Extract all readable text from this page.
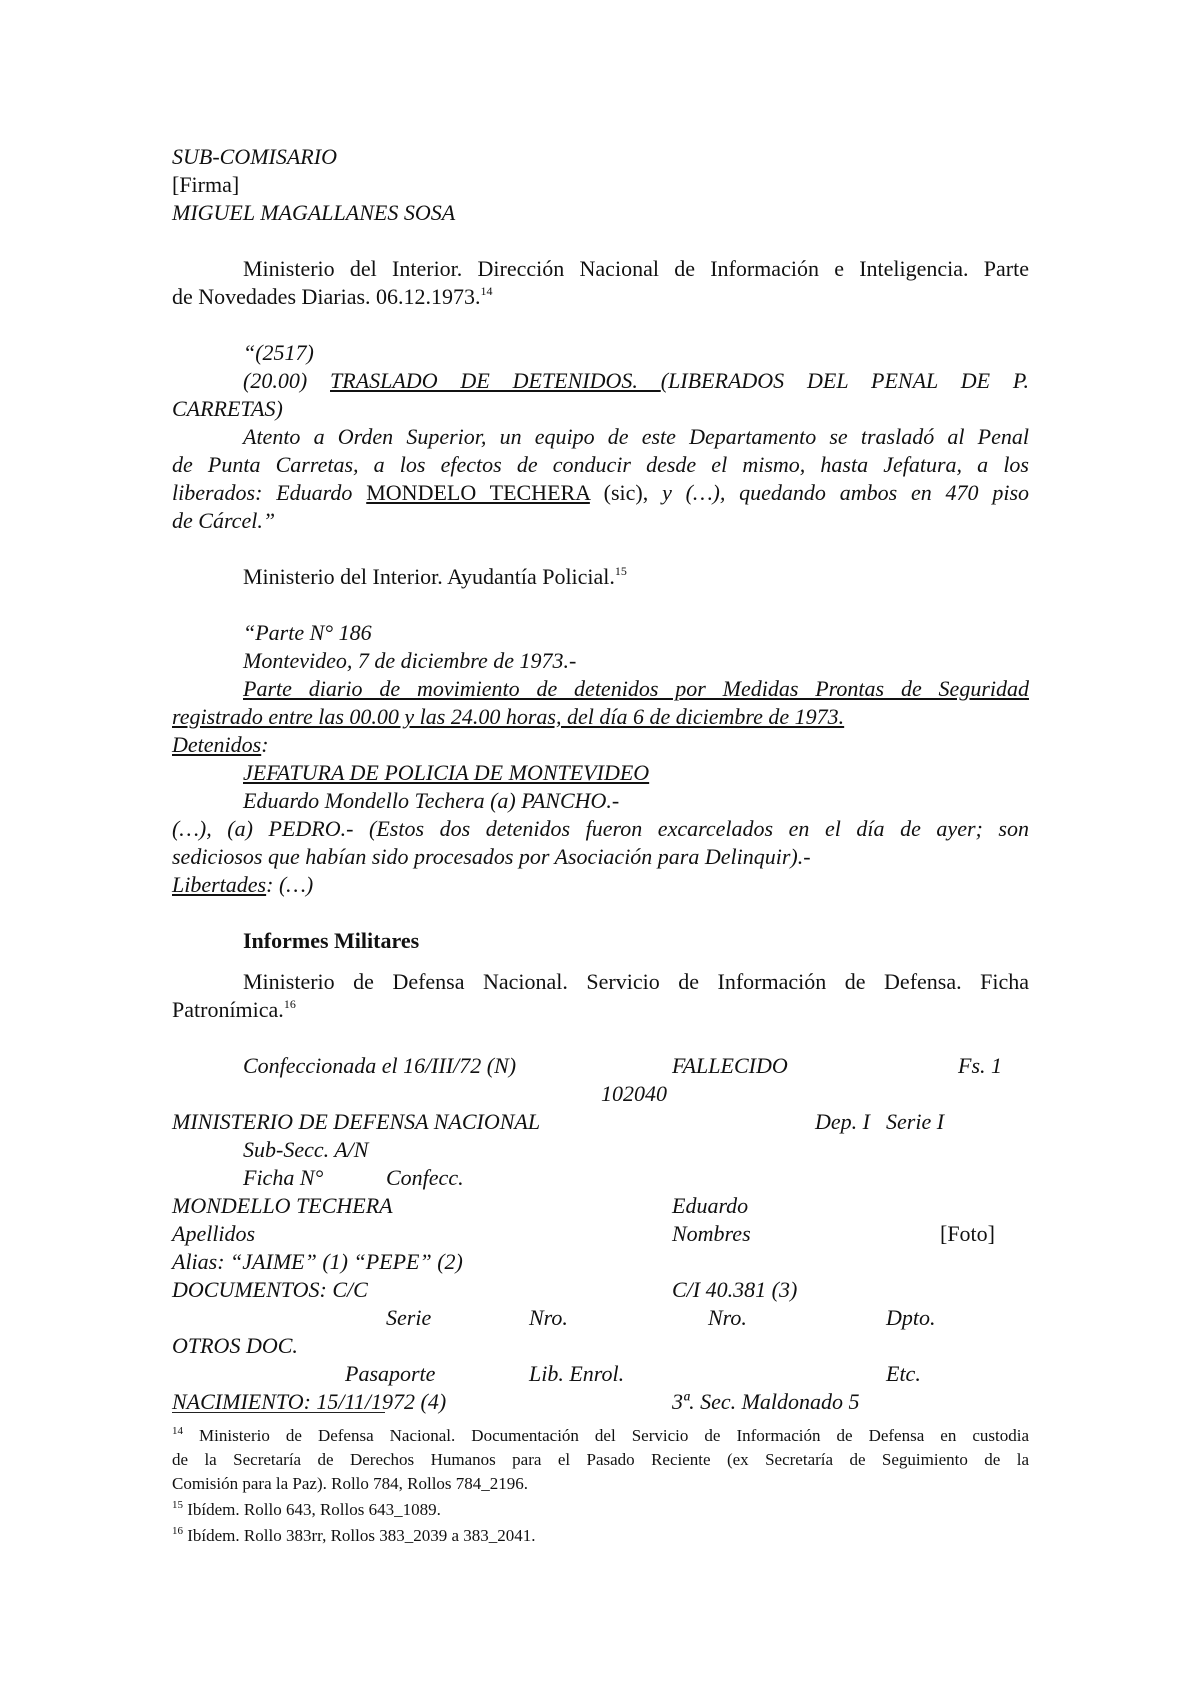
SUB-COMISARIO
[Firma]
MIGUEL MAGALLANES SOSA
Ministerio del Interior. Dirección Nacional de Información e Inteligencia. Parte
de Novedades Diarias. 06.12.1973.14
“(2517)
(20.00) TRASLADO DE DETENIDOS. (LIBERADOS DEL PENAL DE P.
CARRETAS)
Atento a Orden Superior, un equipo de este Departamento se trasladó al Penal
de Punta Carretas, a los efectos de conducir desde el mismo, hasta Jefatura, a los
liberados: Eduardo MONDELO TECHERA (sic), y (…), quedando ambos en 470 piso
de Cárcel.”
Ministerio del Interior. Ayudantía Policial.$^{15}$
“Parte N° 186
Montevideo, 7 de diciembre de 1973.-
Parte diario de movimiento de detenidos por Medidas Prontas de Seguridad
registrado entre las 00.00 y las 24.00 horas, del día 6 de diciembre de 1973.
Detenidos:
JEFATURA DE POLICIA DE MONTEVIDEO
Eduardo Mondello Techera (a) PANCHO.-
(…), (a) PEDRO.- (Estos dos detenidos fueron excarcelados en el día de ayer; son
sediciosos que habían sido procesados por Asociación para Delinquir).-
Libertades: (…)
Informes Militares
Ministerio de Defensa Nacional. Servicio de Información de Defensa. Ficha
Patronímica.$^{16}$
Confeccionada el 16/III/72 (N)	FALLECIDO	Fs. 1
102040
MINISTERIO DE DEFENSA NACIONAL	Dep. I Serie I
Sub-Secc. A/N
Ficha N°	Confecc.
MONDELLO TECHERA	Eduardo
Apellidos	Nombres	[Foto]
Alias: “JAIME” (1) “PEPE” (2)
DOCUMENTOS: C/C	C/I 40.381 (3)
Serie	Nro.	Nro.	Dpto.
OTROS DOC.
Pasaporte	Lib. Enrol.	Etc.
NACIMIENTO: 15/11/1972 (4)	3ª. Sec. Maldonado 5
$^{14}$ Ministerio de Defensa Nacional. Documentación del Servicio de Información de Defensa en custodia
de la Secretaría de Derechos Humanos para el Pasado Reciente (ex Secretaría de Seguimiento de la
Comisión para la Paz). Rollo 784, Rollos 784_2196.
$^{15}$ Ibídem. Rollo 643, Rollos 643_1089.
$^{16}$ Ibídem. Rollo 383rr, Rollos 383_2039 a 383_2041.
